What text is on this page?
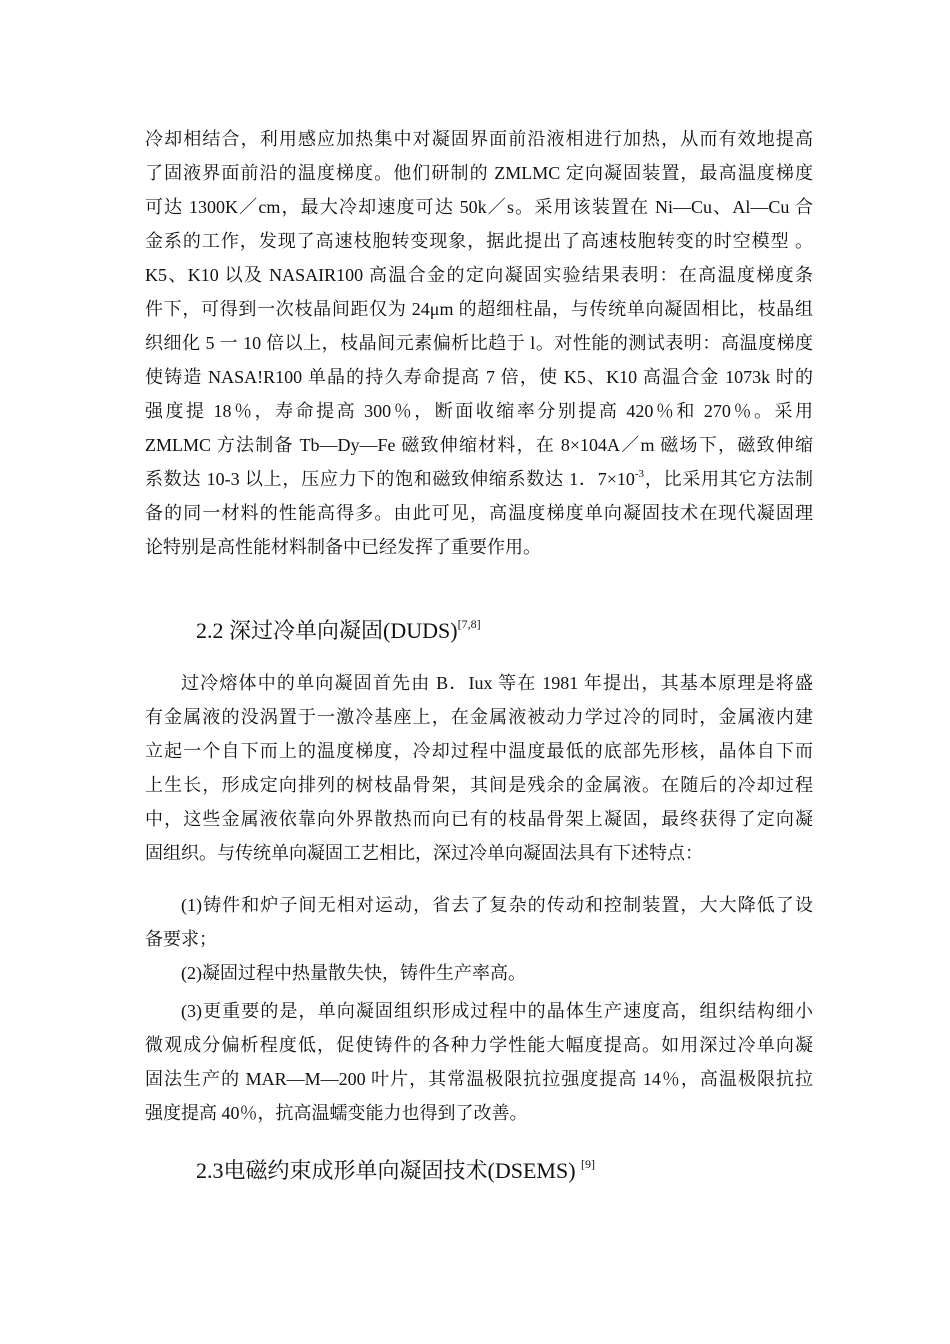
冷却相结合，利用感应加热集中对凝固界面前沿液相进行加热，从而有效地提高
了固液界面前沿的温度梯度。他们研制的 ZMLMC 定向凝固装置，最高温度梯度
可达 1300K／cm，最大冷却速度可达 50k／s。采用该装置在 Ni—Cu、Al—Cu 合
金系的工作，发现了高速枝胞转变现象，据此提出了高速枝胞转变的时空模型 。
K5、K10 以及 NASAIR100 高温合金的定向凝固实验结果表明：在高温度梯度条
件下，可得到一次枝晶间距仅为 24μm 的超细柱晶，与传统单向凝固相比，枝晶组
织细化 5 一 10 倍以上，枝晶间元素偏析比趋于 l。对性能的测试表明：高温度梯度
使铸造 NASA!R100 单晶的持久寿命提高 7 倍，使 K5、K10 高温合金 1073k 时的
强度提 18％，寿命提高 300％，断面收缩率分别提高 420％和 270％。采用
ZMLMC 方法制备 Tb—Dy—Fe 磁致伸缩材料，在 8×104A／m 磁场下，磁致伸缩
系数达 10-3 以上，压应力下的饱和磁致伸缩系数达 1．$7\times 10^{-3}$，比采用其它方法制
备的同一材料的性能高得多。由此可见，高温度梯度单向凝固技术在现代凝固理
论特别是高性能材料制备中已经发挥了重要作用。
2.2 深过冷单向凝固(DUDS)[7,8]
过冷熔体中的单向凝固首先由 B．Iux 等在 1981 年提出，其基本原理是将盛
有金属液的没涡置于一激冷基座上，在金属液被动力学过冷的同时，金属液内建
立起一个自下而上的温度梯度，冷却过程中温度最低的底部先形核，晶体自下而
上生长，形成定向排列的树枝晶骨架，其间是残余的金属液。在随后的冷却过程
中，这些金属液依靠向外界散热而向已有的枝晶骨架上凝固，最终获得了定向凝
固组织。与传统单向凝固工艺相比，深过冷单向凝固法具有下述特点：
(1)铸件和炉子间无相对运动，省去了复杂的传动和控制装置，大大降低了设
备要求；
(2)凝固过程中热量散失快，铸件生产率高。
(3)更重要的是，单向凝固组织形成过程中的晶体生产速度高，组织结构细小
微观成分偏析程度低，促使铸件的各种力学性能大幅度提高。如用深过冷单向凝
固法生产的 MAR—M—200 叶片，其常温极限抗拉强度提高 14％，高温极限抗拉
强度提高 40％，抗高温蠕变能力也得到了改善。
2.3电磁约束成形单向凝固技术(DSEMS) [9]
